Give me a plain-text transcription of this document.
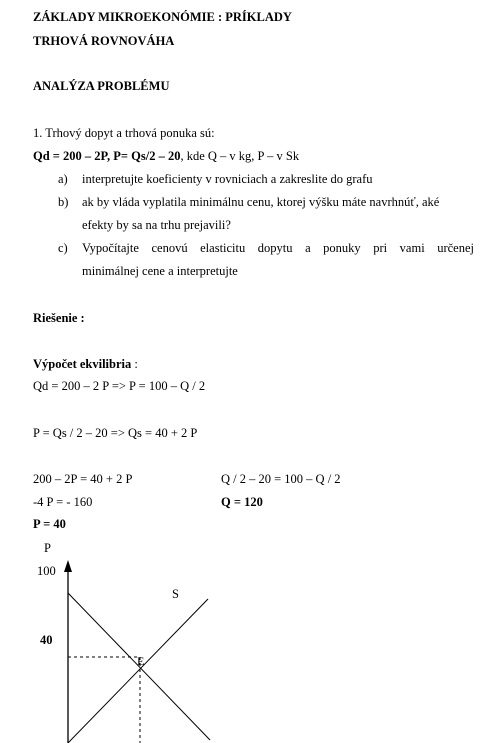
ZÁKLADY MIKROEKONÓMIE : PRÍKLADY
TRHOVÁ ROVNOVÁHA
ANALÝZA PROBLÉMU
1. Trhový dopyt a trhová ponuka sú:
Qd = 200 – 2P, P= Qs/2 – 20, kde Q – v kg, P – v Sk
a) interpretujte koeficienty v rovniciach a zakreslite do grafu
b) ak by vláda vyplatila minimálnu cenu, ktorej výšku máte navrhnúť, aké
efekty by sa na trhu prejavili?
c) Vypočítajte cenovú elasticitu dopytu a ponuky pri vami určenej
minimálnej cene a interpretujte
Riešenie :
Výpočet ekvilibria :
Qd = 200 – 2 P => P = 100 – Q / 2
P = Qs / 2 – 20 => Qs = 40 + 2 P
200 – 2P = 40 + 2 P
-4 P = - 160
P = 40
Q / 2 – 20 = 100 – Q / 2
Q = 120
P
100
40
S
E
